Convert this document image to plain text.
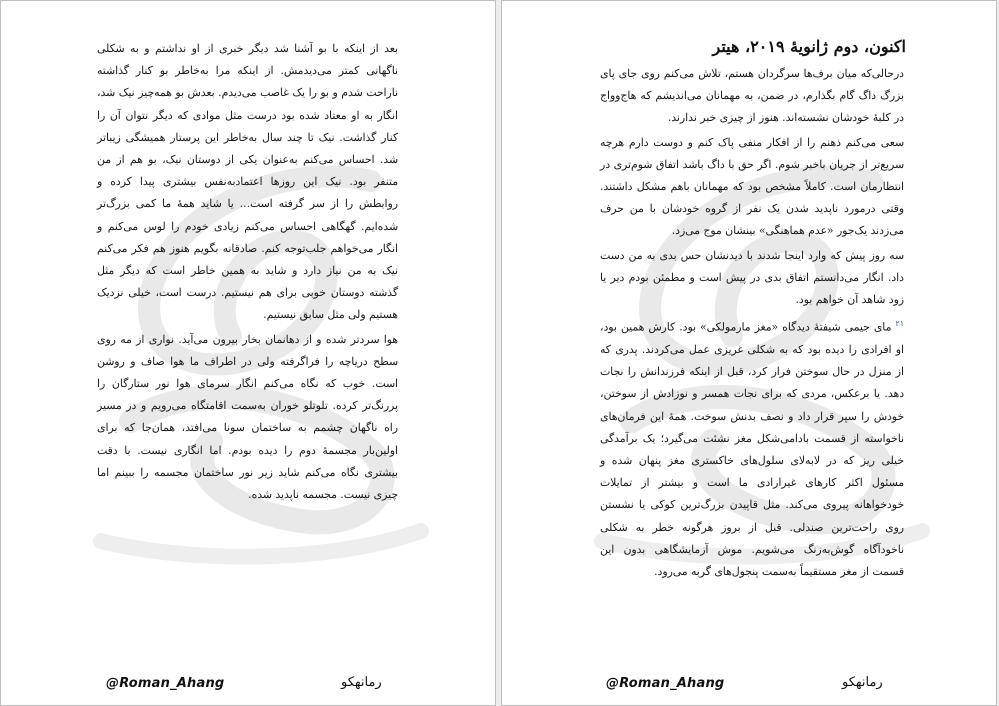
بعد از اینکه با بو آشنا شد دیگر خبری از او نداشتم و به شکلی ناگهانی کمتر می‌دیدمش. از اینکه مرا به‌خاطر بو کنار گذاشته ناراحت شدم و بو را یک غاصب می‌دیدم. بعدش بو همه‌چیز نیک شد، انگار به او معتاد شده بود درست مثل موادی که دیگر نتوان آن را کنار گذاشت. نیک تا چند سال به‌خاطر این پرستار همیشگی زیباتر شد. احساس می‌کنم به‌عنوان یکی از دوستان نیک، بو هم از من متنفر بود. نیک این روزها اعتمادبه‌نفس بیشتری پیدا کرده و روابطش را از سر گرفته است... یا شاید همهٔ ما کمی بزرگ‌تر شده‌ایم. گهگاهی احساس می‌کنم زیادی خودم را لوس می‌کنم و انگار می‌خواهم جلب‌توجه کنم. صادقانه بگویم هنوز هم فکر می‌کنم نیک به من نیاز دارد و شاید به همین خاطر است که دیگر مثل گذشته دوستان خوبی برای هم نیستیم. درست است، خیلی نزدیک هستیم ولی مثل سابق نیستیم.

هوا سردتر شده و از دهانمان بخار بیرون می‌آید. نواری از مه روی سطح دریاچه را فراگرفته ولی در اطراف ما هوا صاف و روشن است. خوب که نگاه می‌کنم انگار سرمای هوا نور ستارگان را پررنگ‌تر کرده. تلوتلو خوران به‌سمت اقامتگاه می‌رویم و در مسیر راه ناگهان چشمم به ساختمان سونا می‌افتد، همان‌جا که برای اولین‌بار مجسمهٔ دوم را دیده بودم. اما انگاری نیست. با دقت بیشتری نگاه می‌کنم شاید زیر نور ساختمان مجسمه را ببینم اما چیزی نیست. مجسمه ناپدید شده.

@Roman_Ahang	رمانهکو
اکنون، دوم ژانویهٔ ۲۰۱۹، هیتر

درحالی‌که میان برف‌ها سرگردان هستم، تلاش می‌کنم روی جای پای بزرگ داگ گام بگذارم، در ضمن، به مهمانان می‌اندیشم که هاج‌وواج در کلبهٔ خودشان نشسته‌اند. هنوز از چیزی خبر ندارند.

سعی می‌کنم ذهنم را از افکار منفی پاک کنم و دوست دارم هرچه سریع‌تر از جریان باخبر شوم. اگر حق با داگ باشد اتفاق شوم‌تری در انتظارمان است. کاملاً مشخص بود که مهمانان باهم مشکل داشتند. وقتی درمورد ناپدید شدن یک نفر از گروه خودشان با من حرف می‌زدند یک‌جور «عدم هماهنگی» بینشان موج می‌زد.

سه روز پیش که وارد اینجا شدند با دیدنشان حس بدی به من دست داد. انگار می‌دانستم اتفاق بدی در پیش است و مطمئن بودم دیر یا زود شاهد آن خواهم بود.

$^{۲۱}$ مای جیمی شیفتهٔ دیدگاه «مغز مارمولکی» بود. کارش همین بود، او افرادی را دیده بود که به شکلی غریزی عمل می‌کردند. پدری که از منزل در حال سوختن فرار کرد، قبل از اینکه فرزندانش را نجات دهد. یا برعکس، مردی که برای نجات همسر و نوزادش از سوختن، خودش را سپر قرار داد و نصف بدنش سوخت. همهٔ این فرمان‌های ناخواسته از قسمت بادامی‌شکل مغز نشئت می‌گیرد؛ یک برآمدگی خیلی ریز که در لابه‌لای سلول‌های خاکستری مغز پنهان شده و مسئول اکثر کارهای غیرارادی ما است و بیشتر از تمایلات خودخواهانه پیروی می‌کند. مثل قاپیدن بزرگ‌ترین کوکی یا نشستن روی راحت‌ترین صندلی. قبل از بروز هرگونه خطر به شکلی ناخودآگاه گوش‌به‌زنگ می‌شویم. موش آزمایشگاهی بدون این قسمت از مغز مستقیماً به‌سمت پنجول‌های گربه می‌رود.

@Roman_Ahang	رمانهکو
